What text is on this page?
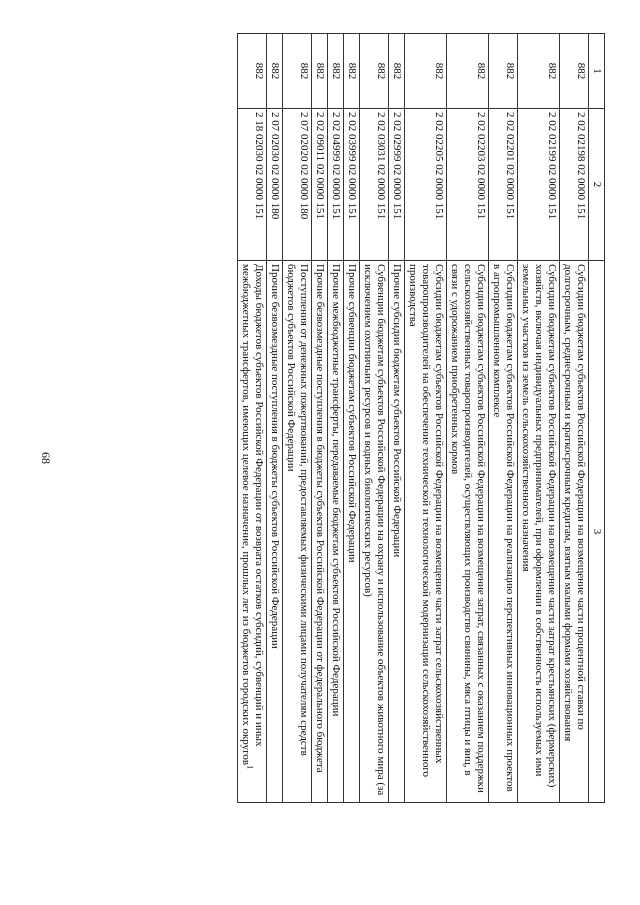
68
1	2	3
882	2 02 02198 02 0000 151	Субсидии бюджетам субъектов Российской Федерации на возмещение части процентной ставки по долгосрочным, среднесрочным и краткосрочным кредитам, взятым малыми формами хозяйствования
882	2 02 02199 02 0000 151	Субсидии бюджетам субъектов Российской Федерации на возмещение части затрат крестьянских (фермерских) хозяйств, включая индивидуальных предпринимателей, при оформлении в собственность используемых ими земельных участков из земель сельскохозяйственного назначения
882	2 02 02201 02 0000 151	Субсидии бюджетам субъектов Российской Федерации на реализацию перспективных инновационных проектов в агропромышленном комплексе
882	2 02 02203 02 0000 151	Субсидии бюджетам субъектов Российской Федерации на возмещение затрат, связанных с оказанием поддержки сельскохозяйственных товаропроизводителей, осуществляющих производство свинины, мяса птицы и яиц, в связи с удорожанием приобретенных кормов
882	2 02 02205 02 0000 151	Субсидии бюджетам субъектов Российской Федерации на возмещение части затрат сельскохозяйственных товаропроизводителей на обеспечение технической и технологической модернизации сельскохозяйственного производства
882	2 02 02999 02 0000 151	Прочие субсидии бюджетам субъектов Российской Федерации
882	2 02 03031 02 0000 151	Субвенции бюджетам субъектов Российской Федерации на охрану и использование объектов животного мира (за исключением охотничьих ресурсов и водных биологических ресурсов)
882	2 02 03999 02 0000 151	Прочие субвенции бюджетам субъектов Российской Федерации
882	2 02 04999 02 0000 151	Прочие межбюджетные трансферты, передаваемые бюджетам субъектов Российской Федерации
882	2 02 09011 02 0000 151	Прочие безвозмездные поступления в бюджеты субъектов Российской Федерации от федерального бюджета
882	2 07 02020 02 0000 180	Поступления от денежных пожертвований, предоставляемых физическими лицами получателям средств бюджетов субъектов Российской Федерации
882	2 07 02030 02 0000 180	Прочие безвозмездные поступления в бюджеты субъектов Российской Федерации
882	2 18 02030 02 0000 151	Доходы бюджетов субъектов Российской Федерации от возврата остатков субсидий, субвенций и иных межбюджетных трансфертов, имеющих целевое назначение, прошлых лет из бюджетов городских округов$^1$
